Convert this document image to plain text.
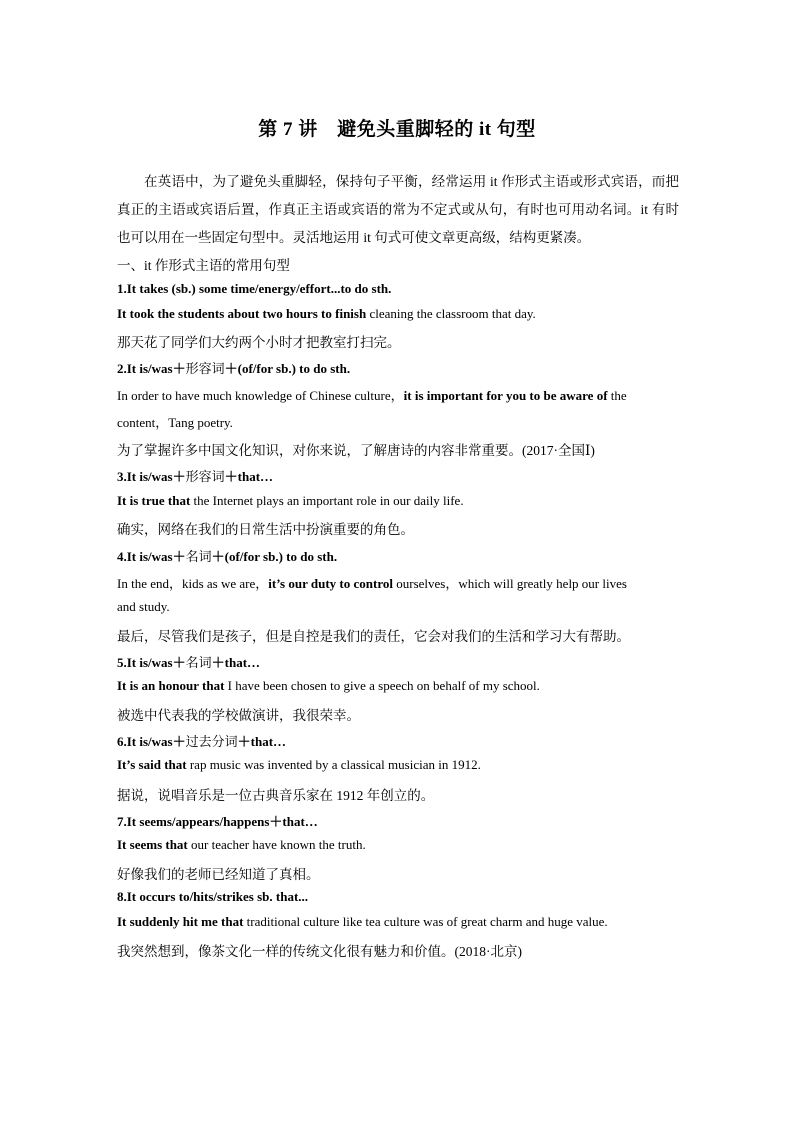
第 7 讲　避免头重脚轻的 it 句型
在英语中，为了避免头重脚轻，保持句子平衡，经常运用 it 作形式主语或形式宾语，而把真正的主语或宾语后置，作真正主语或宾语的常为不定式或从句，有时也可用动名词。it 有时也可以用在一些固定句型中。灵活地运用 it 句式可使文章更高级，结构更紧凑。
一、it 作形式主语的常用句型
1.It takes (sb.) some time/energy/effort...to do sth.
It took the students about two hours to finish cleaning the classroom that day.
那天花了同学们大约两个小时才把教室打扫完。
2.It is/was＋形容词＋(of/for sb.) to do sth.
In order to have much knowledge of Chinese culture，it is important for you to be aware of the
content，Tang poetry.
为了掌握许多中国文化知识，对你来说，了解唐诗的内容非常重要。(2017·全国Ⅰ)
3.It is/was＋形容词＋that…
It is true that the Internet plays an important role in our daily life.
确实，网络在我们的日常生活中扮演重要的角色。
4.It is/was＋名词＋(of/for sb.) to do sth.
In the end，kids as we are，it’s our duty to control ourselves，which will greatly help our lives
and study.
最后，尽管我们是孩子，但是自控是我们的责任，它会对我们的生活和学习大有帮助。
5.It is/was＋名词＋that…
It is an honour that I have been chosen to give a speech on behalf of my school.
被选中代表我的学校做演讲，我很荣幸。
6.It is/was＋过去分词＋that…
It’s said that rap music was invented by a classical musician in 1912.
据说，说唱音乐是一位古典音乐家在 1912 年创立的。
7.It seems/appears/happens＋that…
It seems that our teacher have known the truth.
好像我们的老师已经知道了真相。
8.It occurs to/hits/strikes sb. that...
It suddenly hit me that traditional culture like tea culture was of great charm and huge value.
我突然想到，像茶文化一样的传统文化很有魅力和价值。(2018·北京)
